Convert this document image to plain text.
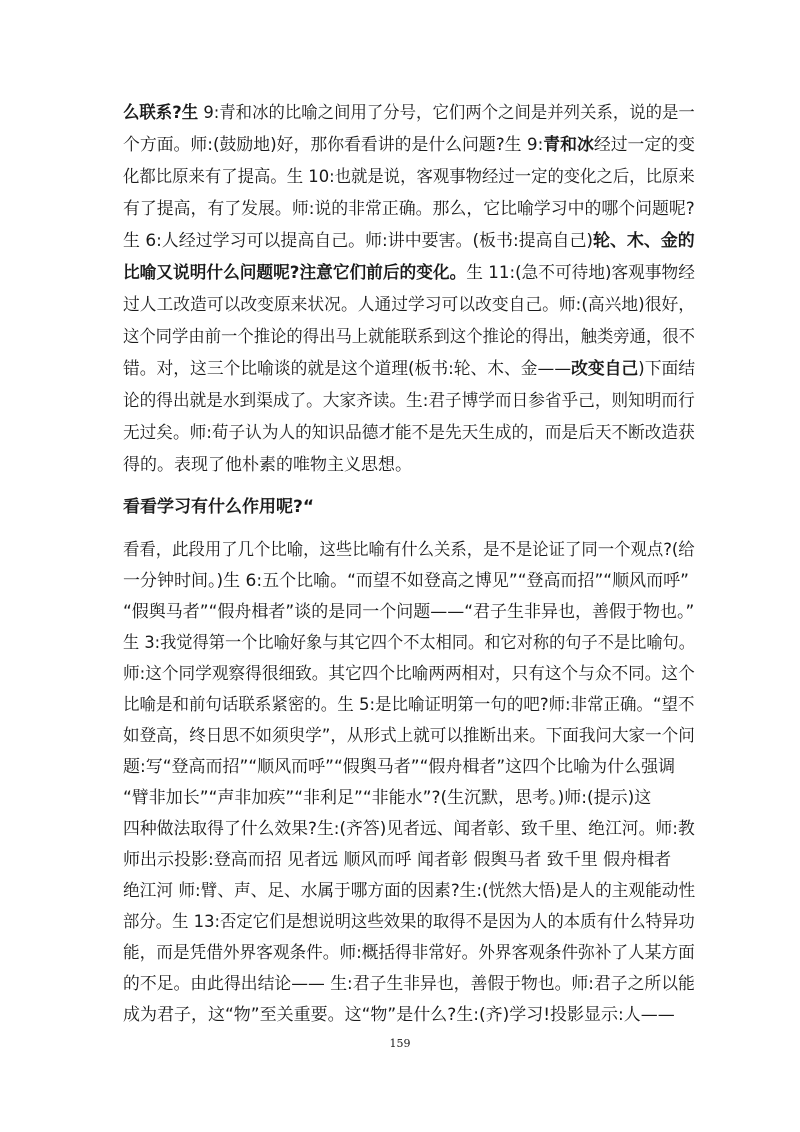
么联系?生 9:青和冰的比喻之间用了分号，它们两个之间是并列关系，说的是一
个方面。师:(鼓励地)好，那你看看讲的是什么问题?生 9:青和冰经过一定的变
化都比原来有了提高。生 10:也就是说，客观事物经过一定的变化之后，比原来
有了提高，有了发展。师:说的非常正确。那么，它比喻学习中的哪个问题呢?
生 6:人经过学习可以提高自己。师:讲中要害。(板书:提高自己)轮、木、金的
比喻又说明什么问题呢?注意它们前后的变化。生 11:(急不可待地)客观事物经
过人工改造可以改变原来状况。人通过学习可以改变自己。师:(高兴地)很好，
这个同学由前一个推论的得出马上就能联系到这个推论的得出，触类旁通，很不
错。对，这三个比喻谈的就是这个道理(板书:轮、木、金——改变自己)下面结
论的得出就是水到渠成了。大家齐读。生:君子博学而日参省乎己，则知明而行
无过矣。师:荀子认为人的知识品德才能不是先天生成的，而是后天不断改造获
得的。表现了他朴素的唯物主义思想。
看看学习有什么作用呢?“
看看，此段用了几个比喻，这些比喻有什么关系，是不是论证了同一个观点?(给
一分钟时间。)生 6:五个比喻。“而望不如登高之博见”“登高而招”“顺风而呼”
“假舆马者”“假舟楫者”谈的是同一个问题——“君子生非异也，善假于物也。”
生 3:我觉得第一个比喻好象与其它四个不太相同。和它对称的句子不是比喻句。
师:这个同学观察得很细致。其它四个比喻两两相对，只有这个与众不同。这个
比喻是和前句话联系紧密的。生 5:是比喻证明第一句的吧?师:非常正确。“望不
如登高，终日思不如须臾学”，从形式上就可以推断出来。下面我问大家一个问
题:写“登高而招”“顺风而呼”“假舆马者”“假舟楫者”这四个比喻为什么强调
“臂非加长”“声非加疾”“非利足”“非能水”?(生沉默，思考。)师:(提示)这
四种做法取得了什么效果?生:(齐答)见者远、闻者彰、致千里、绝江河。师:教
师出示投影:登高而招 见者远 顺风而呼 闻者彰 假舆马者 致千里 假舟楫者
绝江河 师:臂、声、足、水属于哪方面的因素?生:(恍然大悟)是人的主观能动性
部分。生 13:否定它们是想说明这些效果的取得不是因为人的本质有什么特异功
能，而是凭借外界客观条件。师:概括得非常好。外界客观条件弥补了人某方面
的不足。由此得出结论—— 生:君子生非异也，善假于物也。师:君子之所以能
成为君子，这“物”至关重要。这“物”是什么?生:(齐)学习!投影显示:人——
159
